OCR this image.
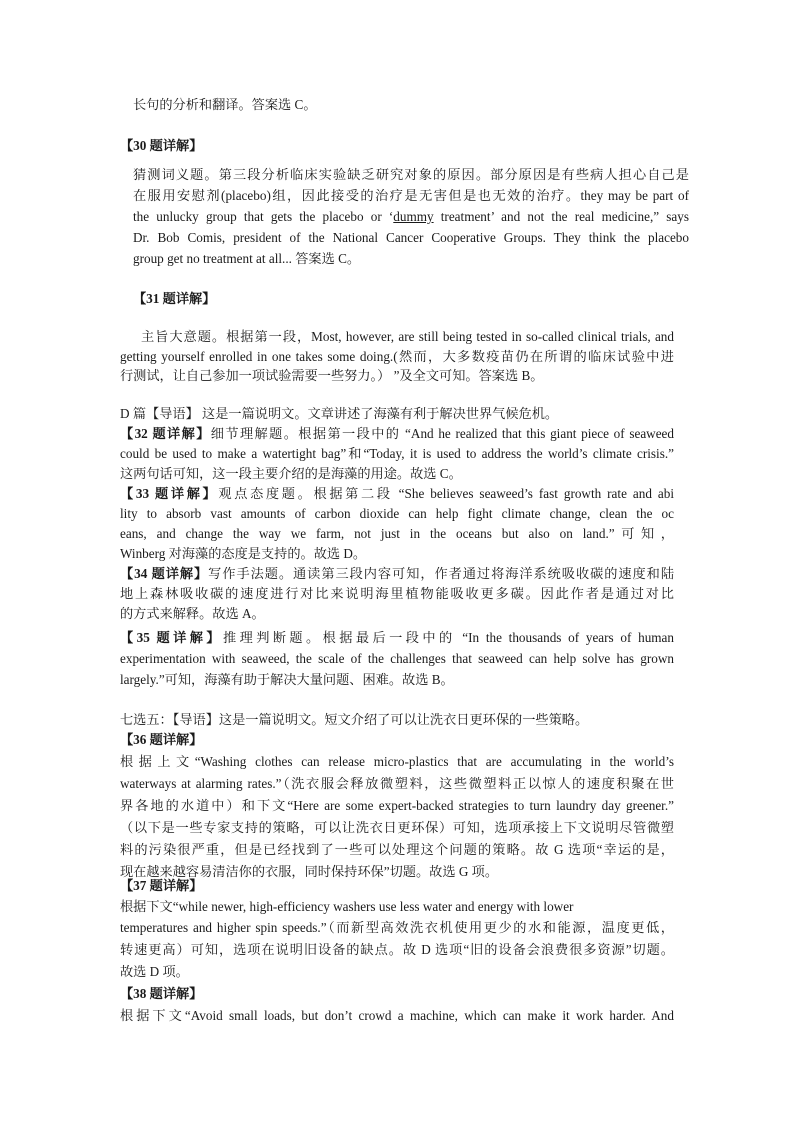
长句的分析和翻译。答案选 C。

【30 题详解】

猜测词义题。第三段分析临床实验缺乏研究对象的原因。部分原因是有些病人担心自己是

在服用安慰剂(placebo)组，因此接受的治疗是无害但是也无效的治疗。they may be part of

the unlucky group that gets the placebo or ‘dummy treatment’ and not the real medicine,” says

Dr. Bob Comis, president of the National Cancer Cooperative Groups. They think the placebo

group get no treatment at all... 答案选 C。

【31 题详解】

主旨大意题。根据第一段，Most, however, are still being tested in so-called clinical trials, and

getting yourself enrolled in one takes some doing.(然而，大多数疫苗仍在所谓的临床试验中进

行测试，让自己参加一项试验需要一些努力。） ”及全文可知。答案选 B。

D 篇【导语】 这是一篇说明文。文章讲述了海藻有利于解决世界气候危机。

【32 题详解】细节理解题。根据第一段中的 “And he realized that this giant piece of seaweed

could be used to make a watertight bag”和“Today, it is used to address the world’s climate crisis.”

这两句话可知，这一段主要介绍的是海藻的用途。故选 C。

【33 题详解】观点态度题。根据第二段 “She believes seaweed’s fast growth rate and abi

lity to absorb vast amounts of carbon dioxide can help fight climate change, clean the oc

eans, and change the way we farm, not just in the oceans but also on land.”可知，

Winberg 对海藻的态度是支持的。故选 D。

【34 题详解】写作手法题。通读第三段内容可知，作者通过将海洋系统吸收碳的速度和陆

地上森林吸收碳的速度进行对比来说明海里植物能吸收更多碳。因此作者是通过对比

的方式来解释。故选 A。

【35 题详解】推理判断题。根据最后一段中的 “In the thousands of years of human

experimentation with seaweed, the scale of the challenges that seaweed can help solve has grown

largely.”可知，海藻有助于解决大量问题、困难。故选 B。

七选五：【导语】这是一篇说明文。短文介绍了可以让洗衣日更环保的一些策略。

【36 题详解】

根据上文“Washing clothes can release micro-plastics that are accumulating in the world’s

waterways at alarming rates.”（洗衣服会释放微塑料，这些微塑料正以惊人的速度积聚在世

界各地的水道中）和下文“Here are some expert-backed strategies to turn laundry day greener.”

（以下是一些专家支持的策略，可以让洗衣日更环保）可知，选项承接上下文说明尽管微塑

料的污染很严重，但是已经找到了一些可以处理这个问题的策略。故 G 选项“幸运的是，

现在越来越容易清洁你的衣服，同时保持环保”切题。故选 G 项。

【37 题详解】

根据下文“while newer, high-efficiency washers use less water and energy with lower

temperatures and higher spin speeds.”（而新型高效洗衣机使用更少的水和能源，温度更低，

转速更高）可知，选项在说明旧设备的缺点。故 D 选项“旧的设备会浪费很多资源”切题。

故选 D 项。

【38 题详解】

根据下文“Avoid small loads, but don’t crowd a machine, which can make it work harder. And
